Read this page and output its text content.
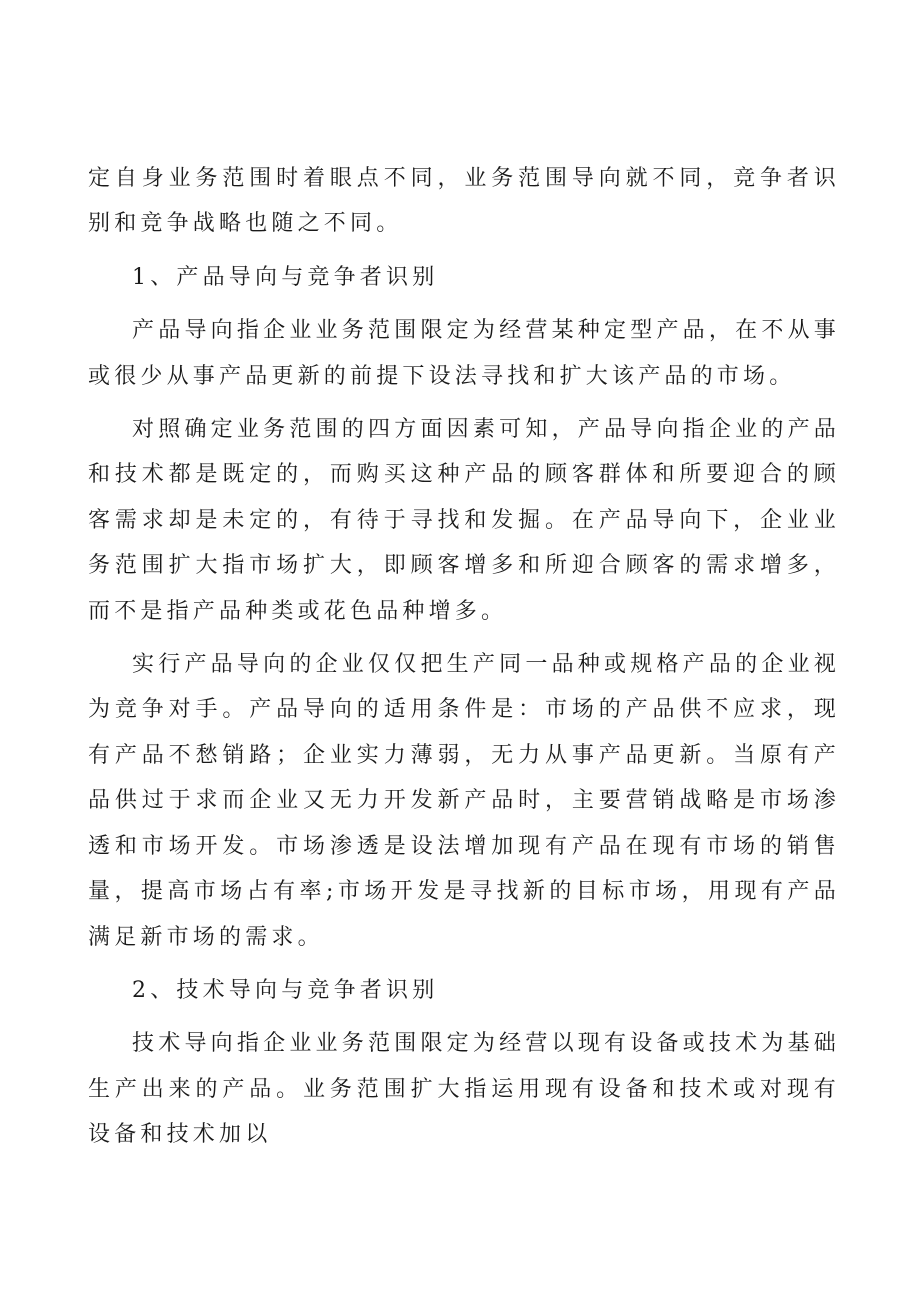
定自身业务范围时着眼点不同，业务范围导向就不同，竞争者识别和竞争战略也随之不同。

1、产品导向与竞争者识别

产品导向指企业业务范围限定为经营某种定型产品，在不从事或很少从事产品更新的前提下设法寻找和扩大该产品的市场。

对照确定业务范围的四方面因素可知，产品导向指企业的产品和技术都是既定的，而购买这种产品的顾客群体和所要迎合的顾客需求却是未定的，有待于寻找和发掘。在产品导向下，企业业务范围扩大指市场扩大，即顾客增多和所迎合顾客的需求增多，而不是指产品种类或花色品种增多。

实行产品导向的企业仅仅把生产同一品种或规格产品的企业视为竞争对手。产品导向的适用条件是：市场的产品供不应求，现有产品不愁销路；企业实力薄弱，无力从事产品更新。当原有产品供过于求而企业又无力开发新产品时，主要营销战略是市场渗透和市场开发。市场渗透是设法增加现有产品在现有市场的销售量，提高市场占有率;市场开发是寻找新的目标市场，用现有产品满足新市场的需求。

2、技术导向与竞争者识别

技术导向指企业业务范围限定为经营以现有设备或技术为基础生产出来的产品。业务范围扩大指运用现有设备和技术或对现有设备和技术加以
